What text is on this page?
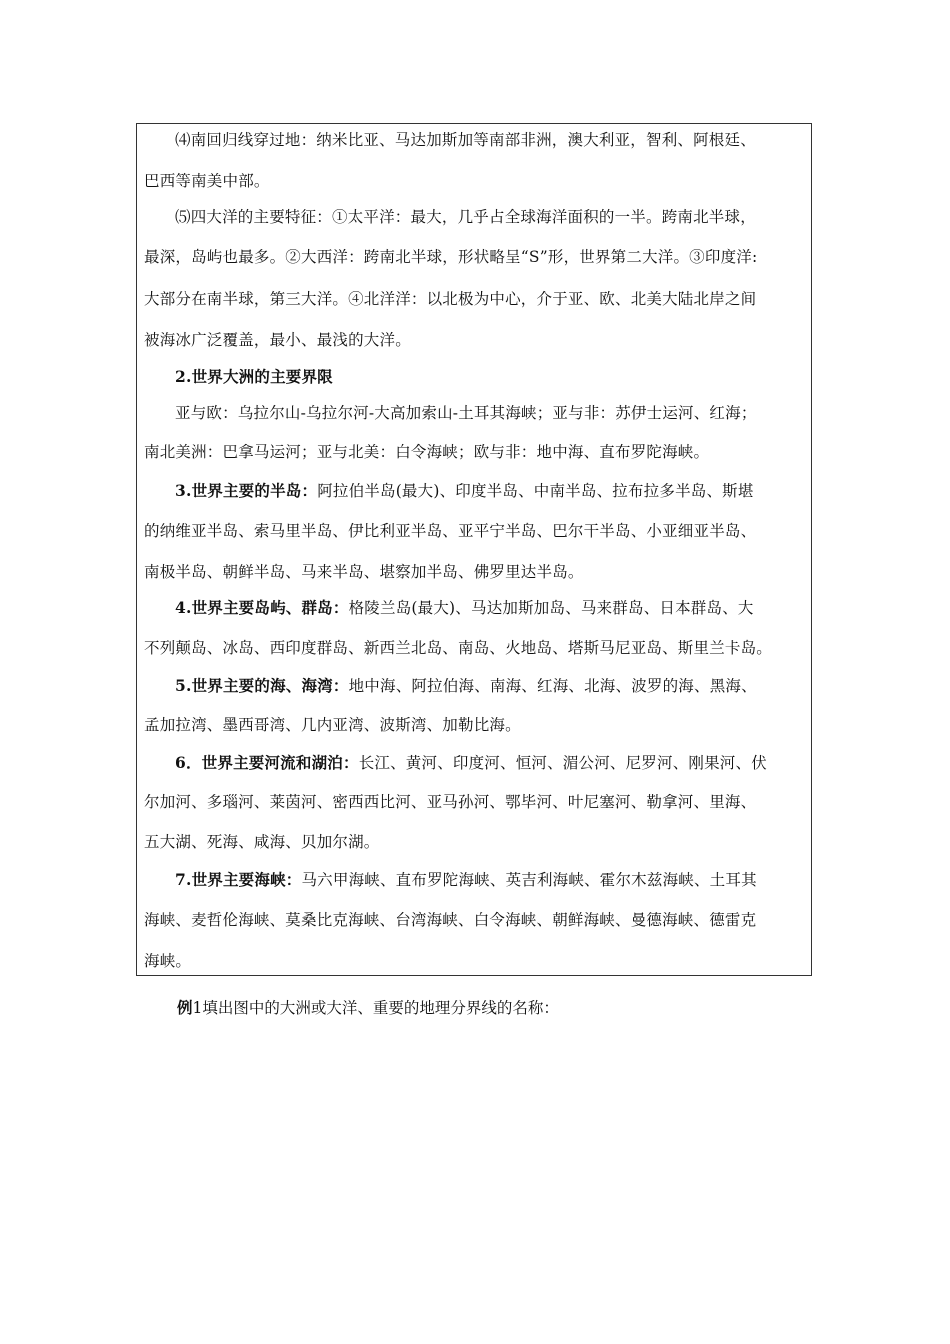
⑷南回归线穿过地：纳米比亚、马达加斯加等南部非洲，澳大利亚，智利、阿根廷、
巴西等南美中部。
⑸四大洋的主要特征：①太平洋：最大，几乎占全球海洋面积的一半。跨南北半球，
最深，岛屿也最多。②大西洋：跨南北半球，形状略呈“S”形，世界第二大洋。③印度洋:
大部分在南半球，第三大洋。④北洋洋：以北极为中心，介于亚、欧、北美大陆北岸之间
被海冰广泛覆盖，最小、最浅的大洋。
2.世界大洲的主要界限
亚与欧：乌拉尔山-乌拉尔河-大高加索山-土耳其海峡；亚与非：苏伊士运河、红海；
南北美洲：巴拿马运河；亚与北美：白令海峡；欧与非：地中海、直布罗陀海峡。
3.世界主要的半岛：阿拉伯半岛(最大)、印度半岛、中南半岛、拉布拉多半岛、斯堪
的纳维亚半岛、索马里半岛、伊比利亚半岛、亚平宁半岛、巴尔干半岛、小亚细亚半岛、
南极半岛、朝鲜半岛、马来半岛、堪察加半岛、佛罗里达半岛。
4.世界主要岛屿、群岛：格陵兰岛(最大)、马达加斯加岛、马来群岛、日本群岛、大
不列颠岛、冰岛、西印度群岛、新西兰北岛、南岛、火地岛、塔斯马尼亚岛、斯里兰卡岛。
5.世界主要的海、海湾：地中海、阿拉伯海、南海、红海、北海、波罗的海、黑海、
孟加拉湾、墨西哥湾、几内亚湾、波斯湾、加勒比海。
6．世界主要河流和湖泊：长江、黄河、印度河、恒河、湄公河、尼罗河、刚果河、伏
尔加河、多瑙河、莱茵河、密西西比河、亚马孙河、鄂毕河、叶尼塞河、勒拿河、里海、
五大湖、死海、咸海、贝加尔湖。
7.世界主要海峡：马六甲海峡、直布罗陀海峡、英吉利海峡、霍尔木兹海峡、土耳其
海峡、麦哲伦海峡、莫桑比克海峡、台湾海峡、白令海峡、朝鲜海峡、曼德海峡、德雷克
海峡。
例1填出图中的大洲或大洋、重要的地理分界线的名称：
